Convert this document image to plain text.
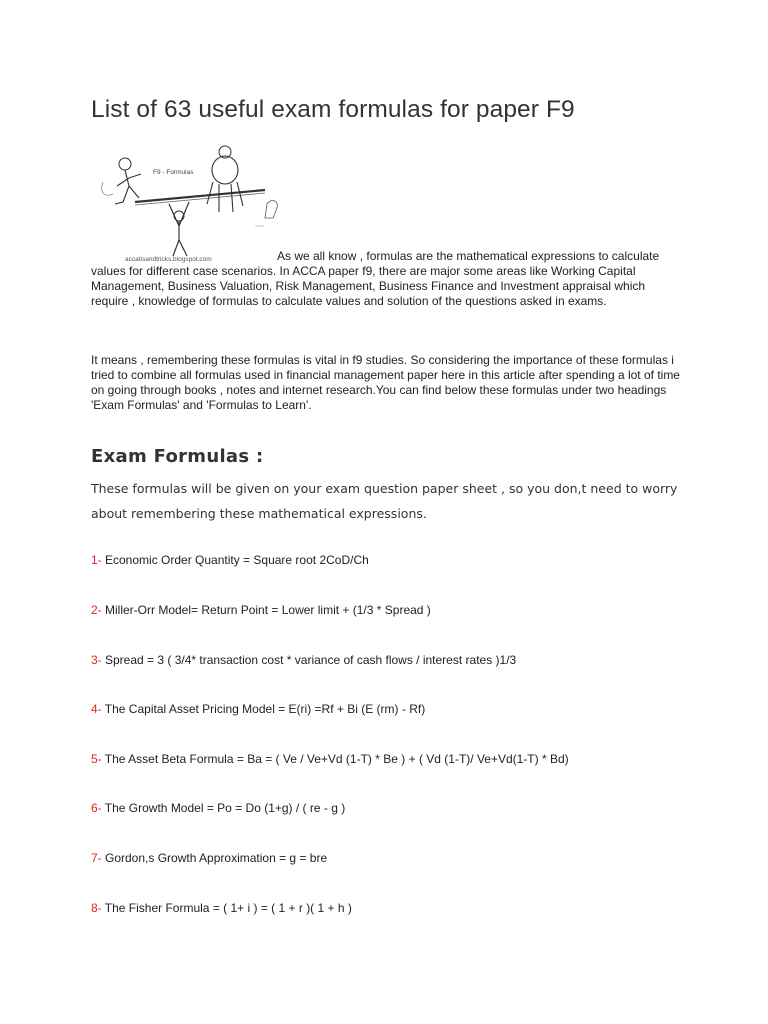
List of 63 useful exam formulas for paper F9
~~~
F9 - Formulas
accatisandtricks.blogspot.com	As we all know , formulas are the mathematical expressions to calculate values for different case scenarios. In ACCA paper f9, there are major some areas like Working Capital Management, Business Valuation, Risk Management, Business Finance and Investment appraisal which require , knowledge of formulas to calculate values and solution of the questions asked in exams.

It means , remembering these formulas is vital in f9 studies. So considering the importance of these formulas i tried to combine all formulas used in financial management paper here in this article after spending a lot of time on going through books , notes and internet research.You can find below these formulas under two headings 'Exam Formulas' and 'Formulas to Learn'.

Exam Formulas :

These formulas will be given on your exam question paper sheet , so you don,t need to worry about remembering these mathematical expressions.

1- Economic Order Quantity = Square root 2CoD/Ch
2- Miller-Orr Model= Return Point = Lower limit + (1/3 * Spread )
3- Spread = 3 ( 3/4* transaction cost * variance of cash flows / interest rates )1/3
4- The Capital Asset Pricing Model = E(ri) =Rf + Bi (E (rm) - Rf)
5- The Asset Beta Formula = Ba = ( Ve / Ve+Vd (1-T) * Be ) + ( Vd (1-T)/ Ve+Vd(1-T) * Bd)
6- The Growth Model = Po = Do (1+g) / ( re - g )
7- Gordon,s Growth Approximation = g = bre
8- The Fisher Formula = ( 1+ i ) = ( 1 + r )( 1 + h )
